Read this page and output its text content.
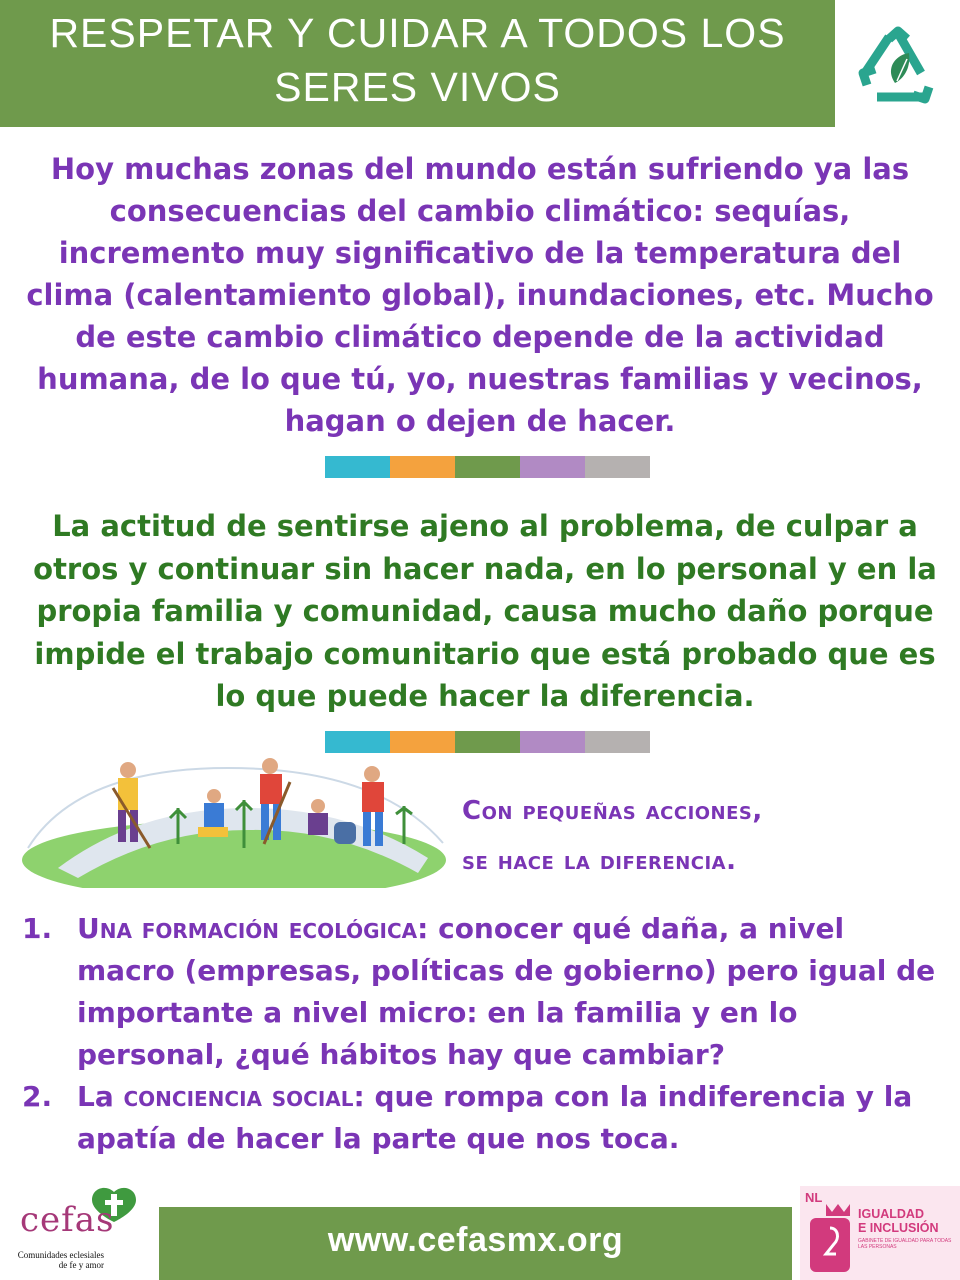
RESPETAR Y CUIDAR A TODOS LOS
SERES VIVOS

Hoy muchas zonas del mundo están sufriendo ya las consecuencias del cambio climático: sequías, incremento muy significativo de la temperatura del clima (calentamiento global), inundaciones, etc. Mucho de este cambio climático depende de la actividad humana, de lo que tú, yo, nuestras familias y vecinos, hagan o dejen de hacer.

La actitud de sentirse ajeno al problema, de culpar a otros y continuar sin hacer nada, en lo personal y en la propia familia y comunidad, causa mucho daño porque impide el trabajo comunitario que está probado que es lo que puede hacer la diferencia.

Con pequeñas acciones,
se hace la diferencia.
1. Una formación ecológica: conocer qué daña, a nivel macro (empresas, políticas de gobierno) pero igual de importante a nivel micro: en la familia y en lo personal, ¿qué hábitos hay que cambiar?
2. La conciencia social: que rompa con la indiferencia y la apatía de hacer la parte que nos toca.
cefas
Comunidades eclesiales de fe y amor
www.cefasmx.org
NL
IGUALDAD
E INCLUSIÓN
GABINETE DE IGUALDAD PARA TODAS LAS PERSONAS
